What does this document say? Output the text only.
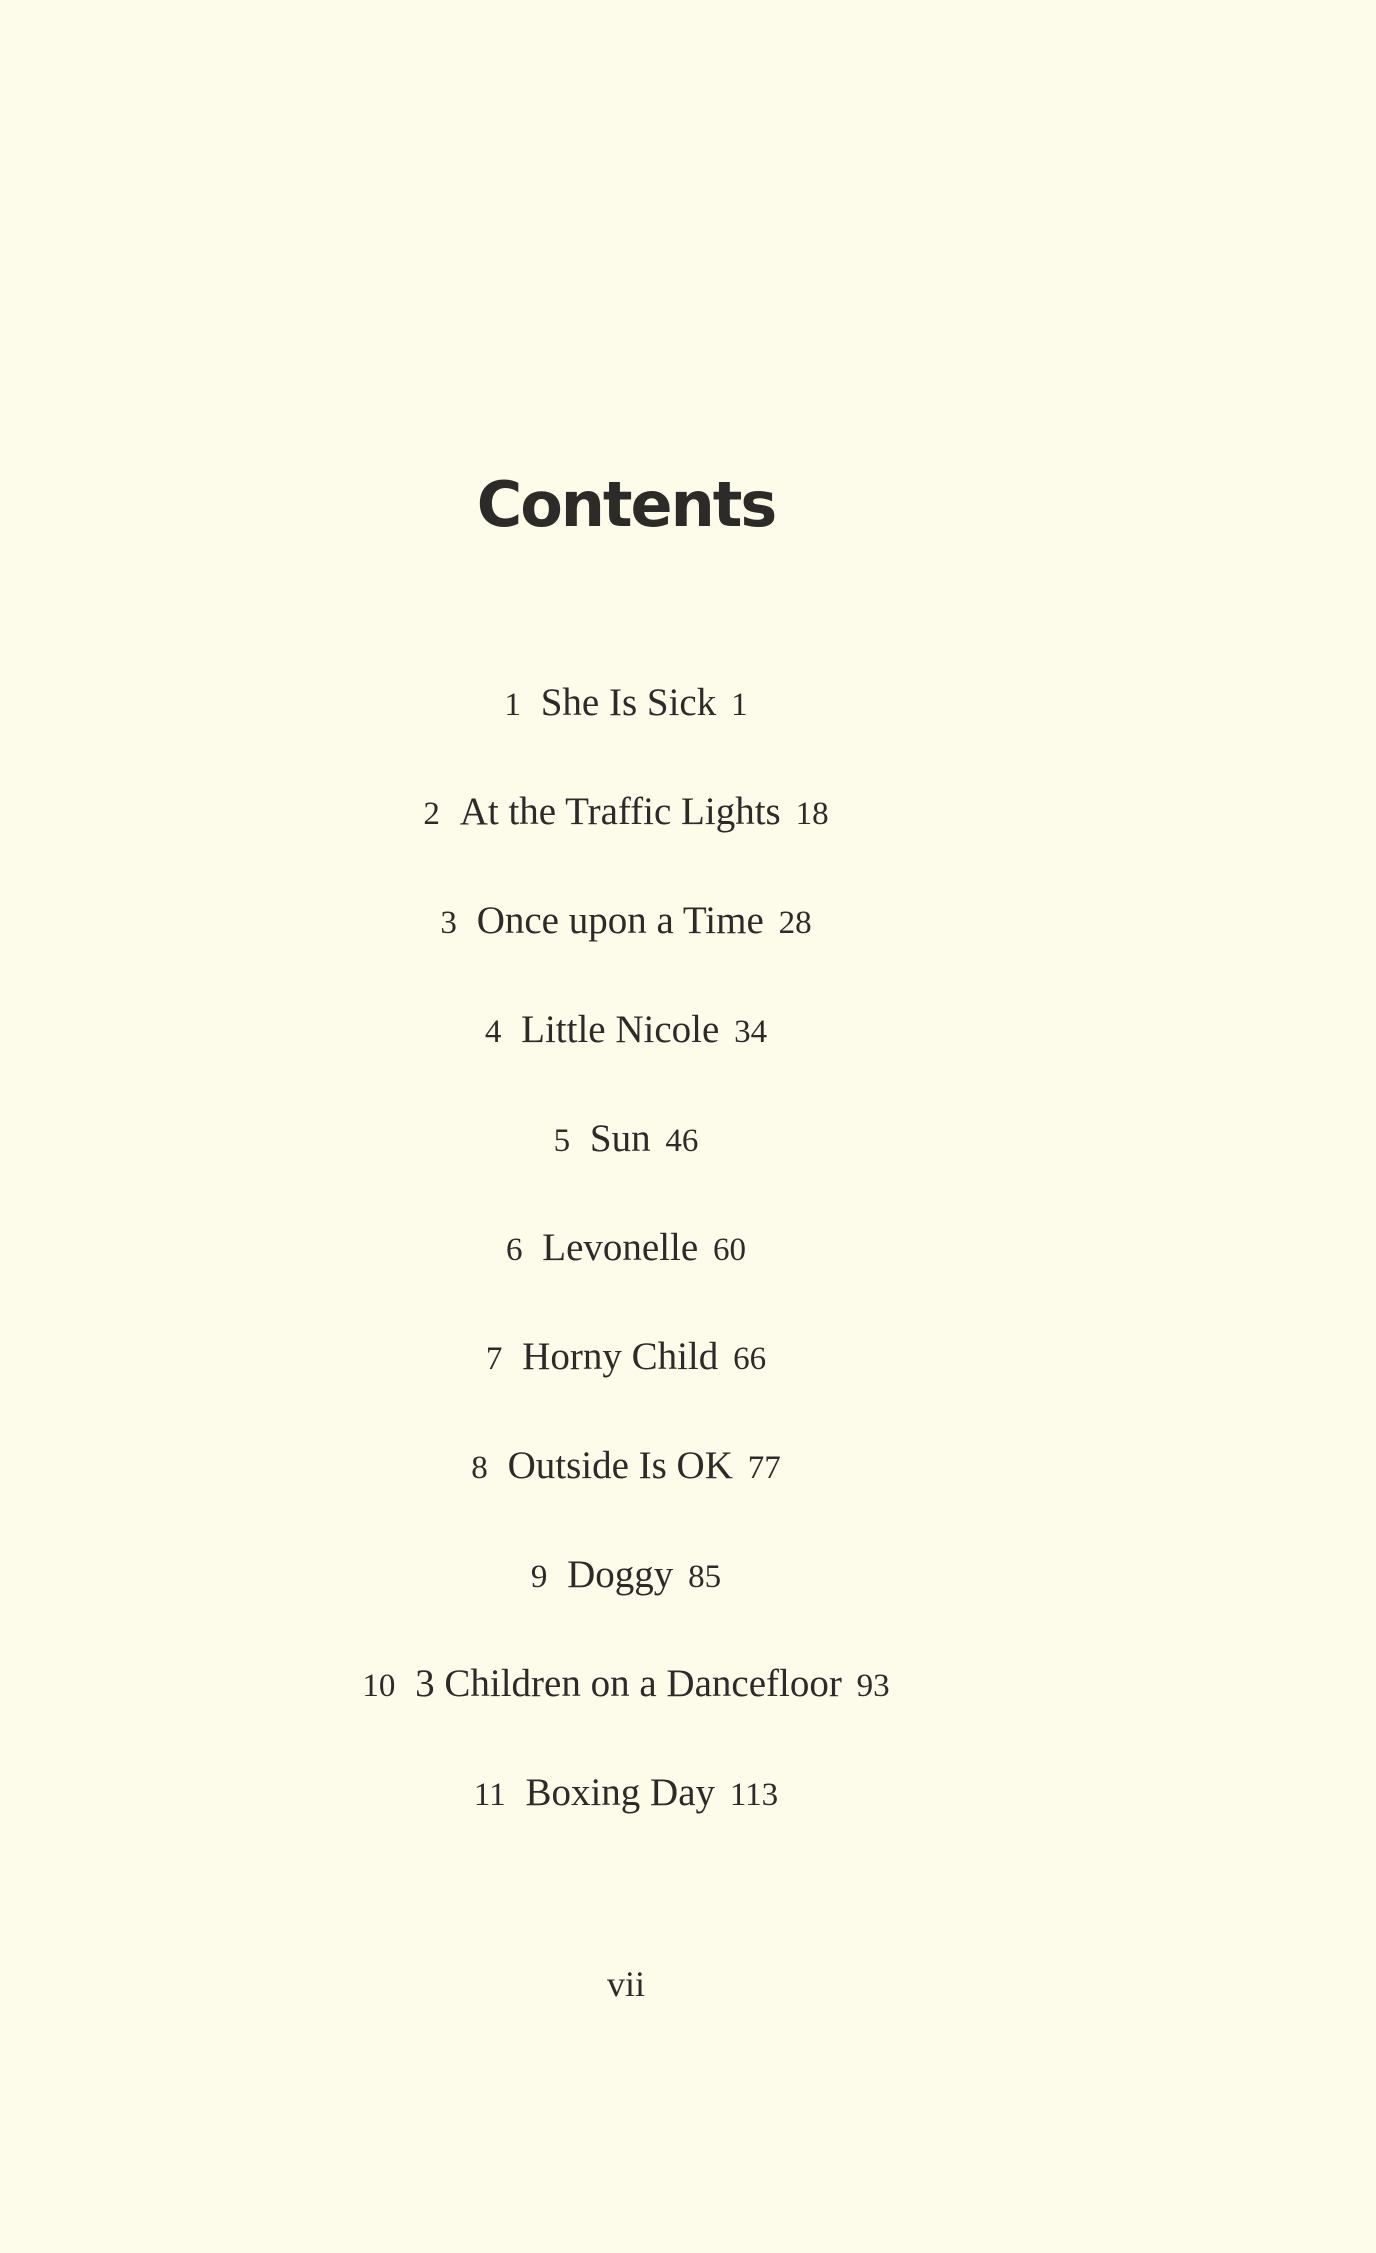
Contents
1 She Is Sick 1
2 At the Traffic Lights 18
3 Once upon a Time 28
4 Little Nicole 34
5 Sun 46
6 Levonelle 60
7 Horny Child 66
8 Outside Is OK 77
9 Doggy 85
10 3 Children on a Dancefloor 93
11 Boxing Day 113
vii
